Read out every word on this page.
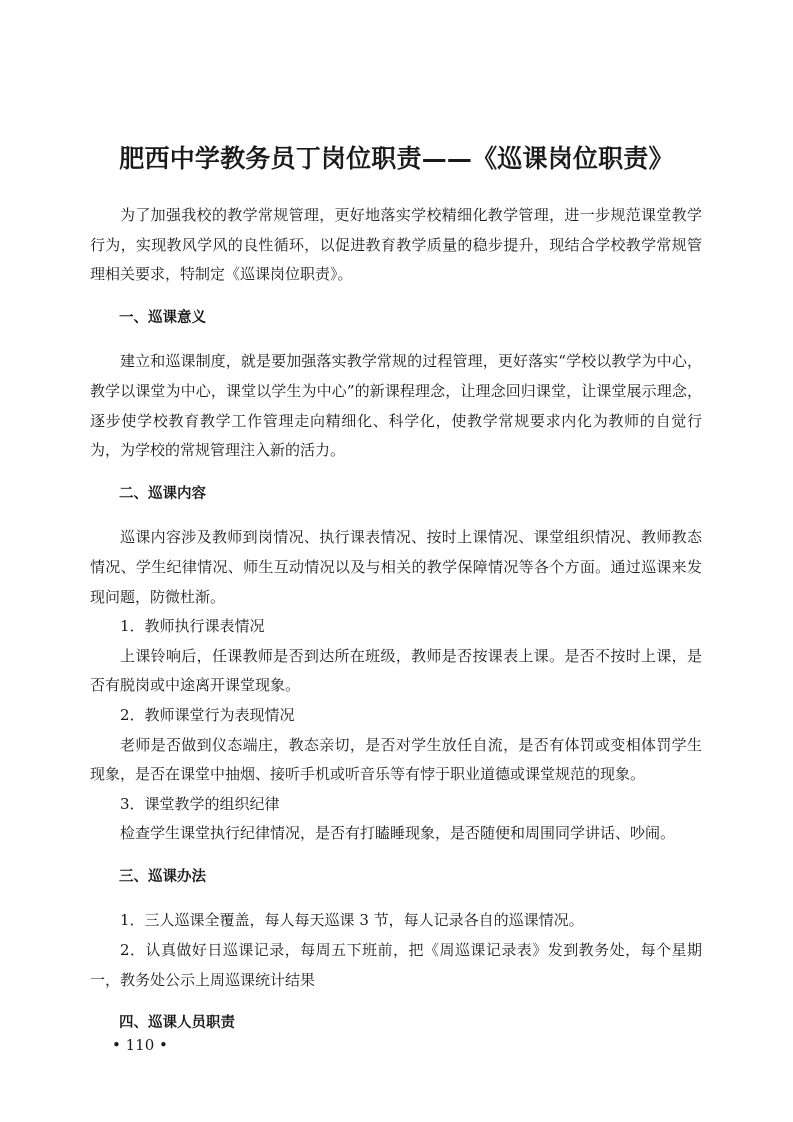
肥西中学教务员丁岗位职责——《巡课岗位职责》

为了加强我校的教学常规管理，更好地落实学校精细化教学管理，进一步规范课堂教学行为，实现教风学风的良性循环，以促进教育教学质量的稳步提升，现结合学校教学常规管理相关要求，特制定《巡课岗位职责》。

一、巡课意义

建立和巡课制度，就是要加强落实教学常规的过程管理，更好落实“学校以教学为中心，教学以课堂为中心，课堂以学生为中心”的新课程理念，让理念回归课堂，让课堂展示理念，逐步使学校教育教学工作管理走向精细化、科学化，使教学常规要求内化为教师的自觉行为，为学校的常规管理注入新的活力。

二、巡课内容

巡课内容涉及教师到岗情况、执行课表情况、按时上课情况、课堂组织情况、教师教态情况、学生纪律情况、师生互动情况以及与相关的教学保障情况等各个方面。通过巡课来发现问题，防微杜渐。

1．教师执行课表情况

上课铃响后，任课教师是否到达所在班级，教师是否按课表上课。是否不按时上课，是否有脱岗或中途离开课堂现象。

2．教师课堂行为表现情况

老师是否做到仪态端庄，教态亲切，是否对学生放任自流，是否有体罚或变相体罚学生现象，是否在课堂中抽烟、接听手机或听音乐等有悖于职业道德或课堂规范的现象。

3．课堂教学的组织纪律

检查学生课堂执行纪律情况，是否有打瞌睡现象，是否随便和周围同学讲话、吵闹。

三、巡课办法

1．三人巡课全覆盖，每人每天巡课 3 节，每人记录各自的巡课情况。

2．认真做好日巡课记录，每周五下班前，把《周巡课记录表》发到教务处，每个星期一，教务处公示上周巡课统计结果

四、巡课人员职责

• 110 •
